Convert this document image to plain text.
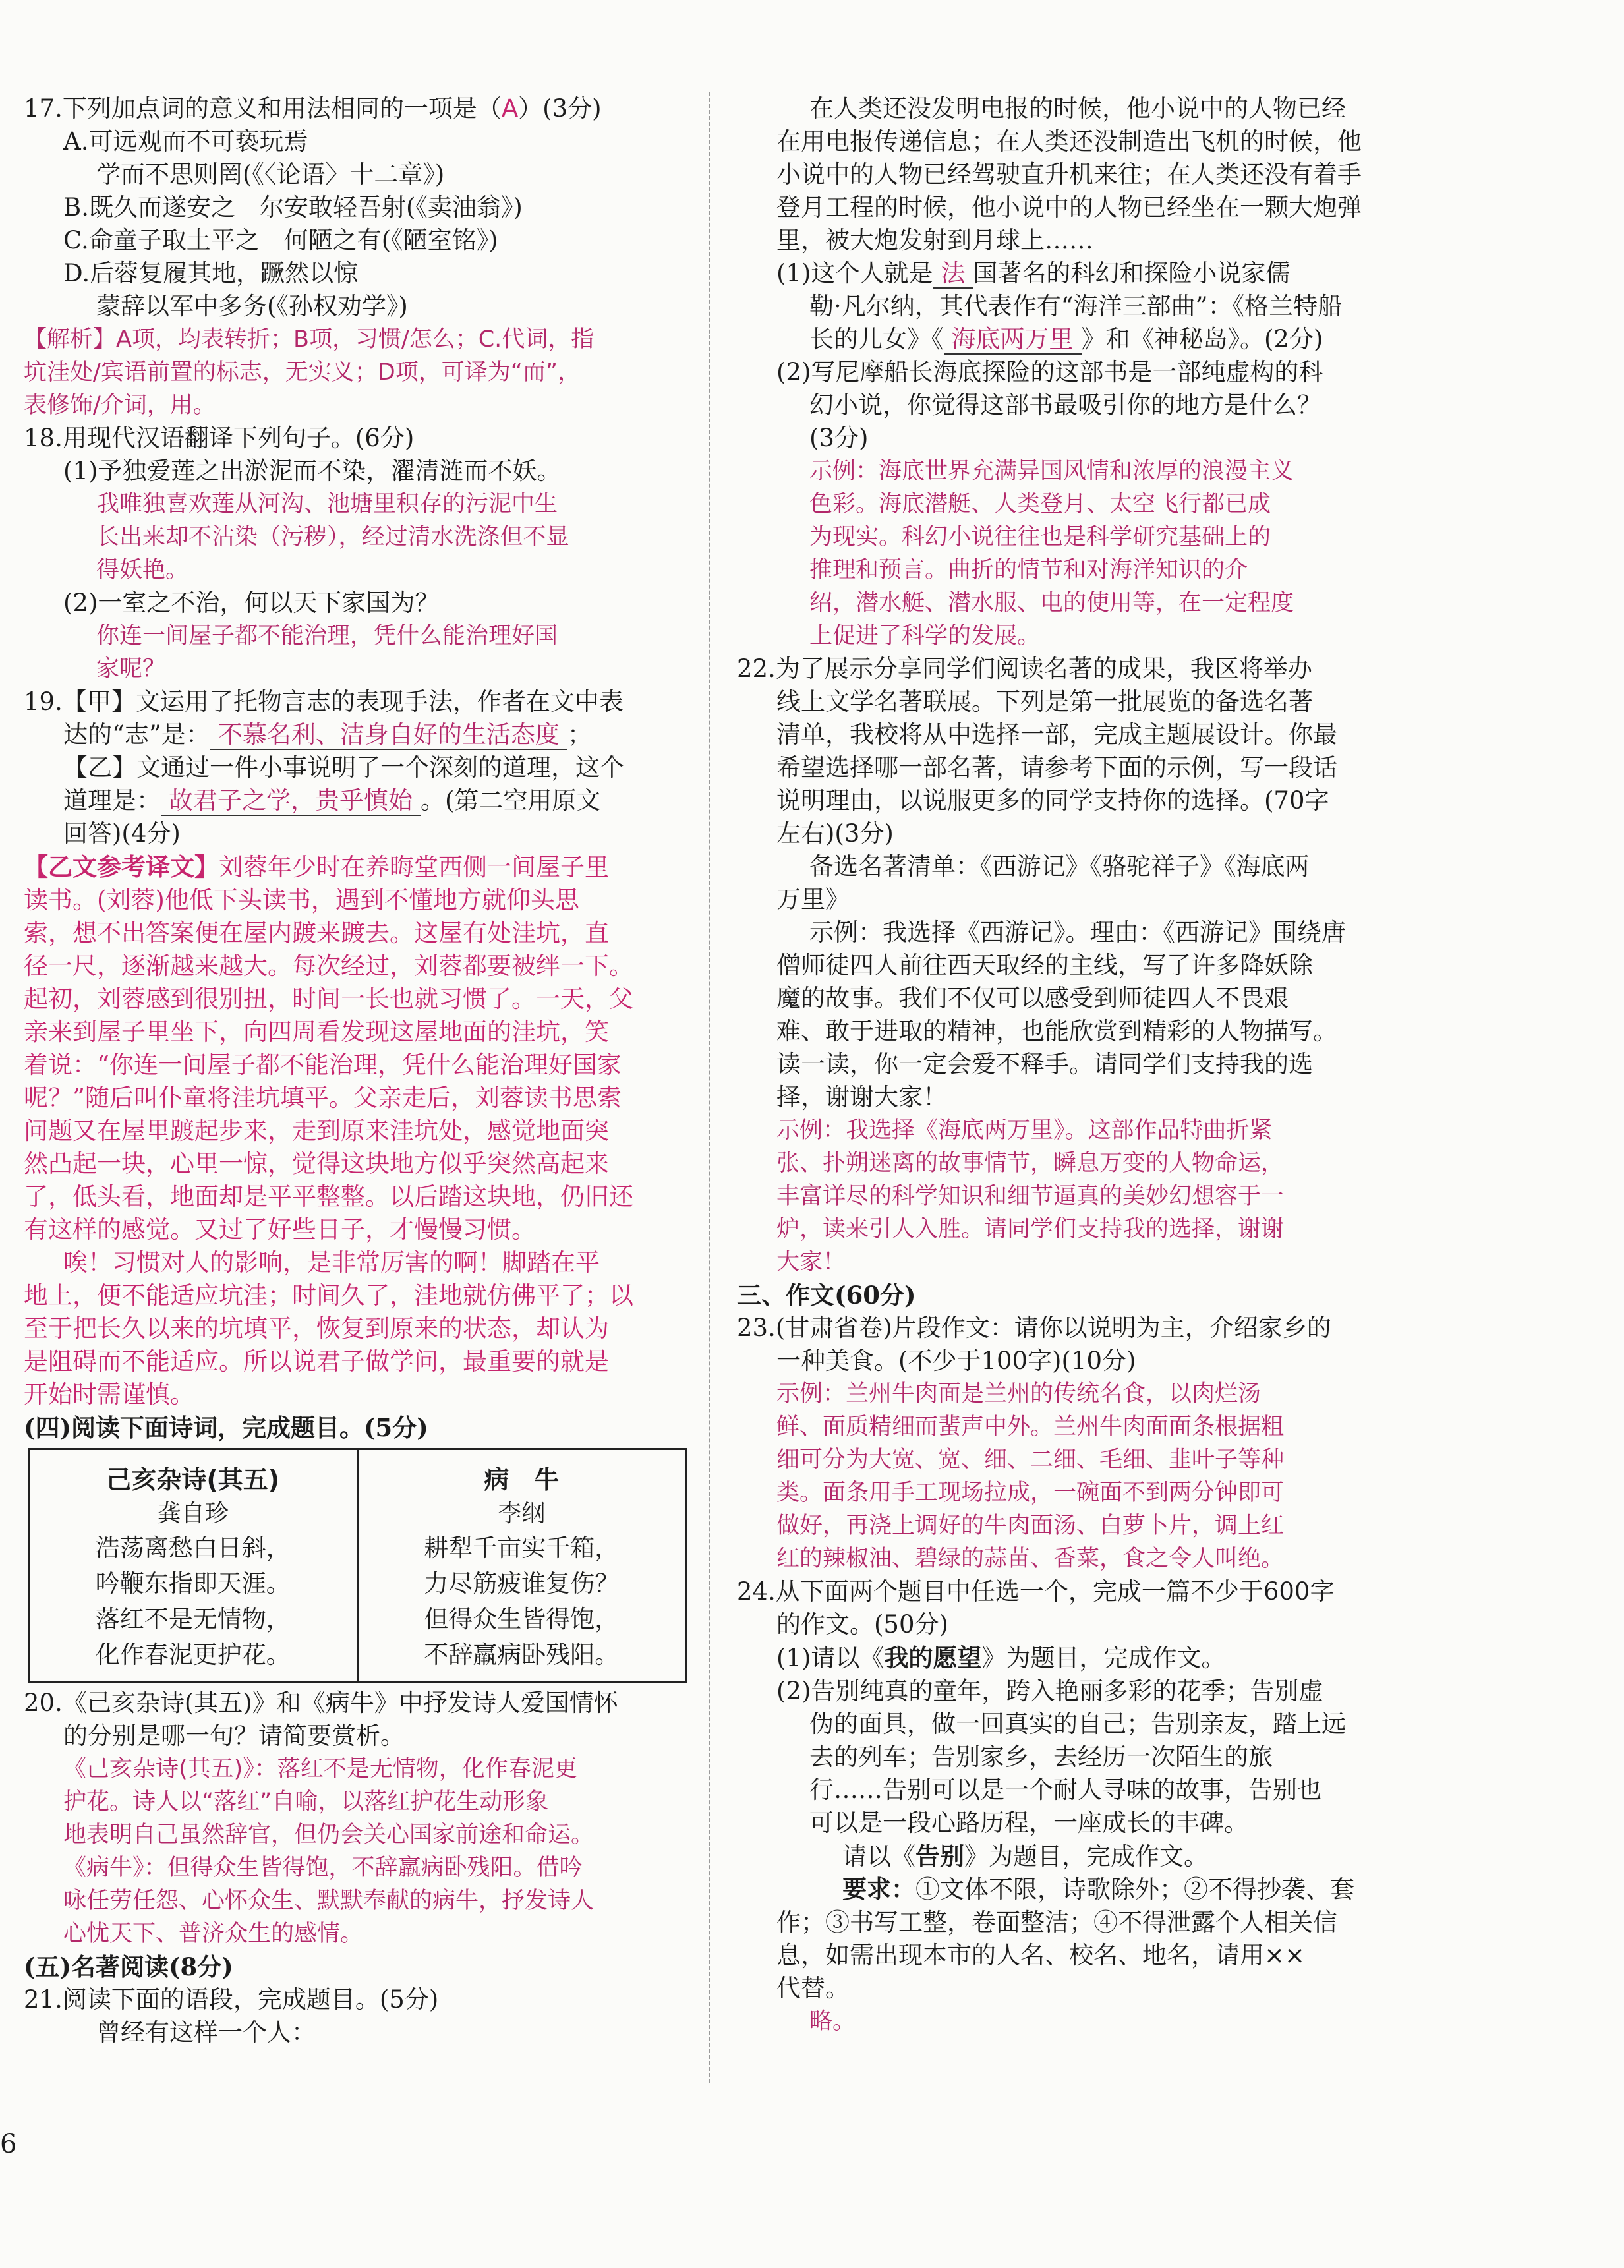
17.下列加点词的意义和用法相同的一项是（A）(3分)
A.可远观而不可亵玩焉
学而不思则罔(《〈论语〉十二章》)
B.既久而遂安之　尔安敢轻吾射(《卖油翁》)
C.命童子取土平之　何陋之有(《陋室铭》)
D.后蓉复履其地，蹶然以惊
蒙辞以军中多务(《孙权劝学》)
【解析】A项，均表转折；B项，习惯/怎么；C.代词，指
坑洼处/宾语前置的标志，无实义；D项，可译为“而”，
表修饰/介词，用。
18.用现代汉语翻译下列句子。(6分)
(1)予独爱莲之出淤泥而不染，濯清涟而不妖。
我唯独喜欢莲从河沟、池塘里积存的污泥中生
长出来却不沾染（污秽），经过清水洗涤但不显
得妖艳。
(2)一室之不治，何以天下家国为？
你连一间屋子都不能治理，凭什么能治理好国
家呢？
19.【甲】文运用了托物言志的表现手法，作者在文中表
达的“志”是： 不慕名利、洁身自好的生活态度 ；
【乙】文通过一件小事说明了一个深刻的道理，这个
道理是： 故君子之学，贵乎慎始 。(第二空用原文
回答)(4分)
【乙文参考译文】刘蓉年少时在养晦堂西侧一间屋子里
读书。(刘蓉)他低下头读书，遇到不懂地方就仰头思
索，想不出答案便在屋内踱来踱去。这屋有处洼坑，直
径一尺，逐渐越来越大。每次经过，刘蓉都要被绊一下。
起初，刘蓉感到很别扭，时间一长也就习惯了。一天，父
亲来到屋子里坐下，向四周看发现这屋地面的洼坑，笑
着说：“你连一间屋子都不能治理，凭什么能治理好国家
呢？”随后叫仆童将洼坑填平。父亲走后，刘蓉读书思索
问题又在屋里踱起步来，走到原来洼坑处，感觉地面突
然凸起一块，心里一惊，觉得这块地方似乎突然高起来
了，低头看，地面却是平平整整。以后踏这块地，仍旧还
有这样的感觉。又过了好些日子，才慢慢习惯。
唉！习惯对人的影响，是非常厉害的啊！脚踏在平
地上，便不能适应坑洼；时间久了，洼地就仿佛平了；以
至于把长久以来的坑填平，恢复到原来的状态，却认为
是阻碍而不能适应。所以说君子做学问，最重要的就是
开始时需谨慎。
(四)阅读下面诗词，完成题目。(5分)
己亥杂诗(其五)
龚自珍
浩荡离愁白日斜，
吟鞭东指即天涯。
落红不是无情物，
化作春泥更护花。

病　牛
李纲
耕犁千亩实千箱，
力尽筋疲谁复伤？
但得众生皆得饱，
不辞羸病卧残阳。
20.《己亥杂诗(其五)》和《病牛》中抒发诗人爱国情怀
的分别是哪一句？请简要赏析。
《己亥杂诗(其五)》：落红不是无情物，化作春泥更
护花。诗人以“落红”自喻，以落红护花生动形象
地表明自己虽然辞官，但仍会关心国家前途和命运。
《病牛》：但得众生皆得饱，不辞羸病卧残阳。借吟
咏任劳任怨、心怀众生、默默奉献的病牛，抒发诗人
心忧天下、普济众生的感情。
(五)名著阅读(8分)
21.阅读下面的语段，完成题目。(5分)
曾经有这样一个人：
在人类还没发明电报的时候，他小说中的人物已经
在用电报传递信息；在人类还没制造出飞机的时候，他
小说中的人物已经驾驶直升机来往；在人类还没有着手
登月工程的时候，他小说中的人物已经坐在一颗大炮弹
里，被大炮发射到月球上……
(1)这个人就是 法 国著名的科幻和探险小说家儒
勒·凡尔纳，其代表作有“海洋三部曲”：《格兰特船
长的儿女》《 海底两万里 》和《神秘岛》。(2分)
(2)写尼摩船长海底探险的这部书是一部纯虚构的科
幻小说，你觉得这部书最吸引你的地方是什么？
(3分)
示例：海底世界充满异国风情和浓厚的浪漫主义
色彩。海底潜艇、人类登月、太空飞行都已成
为现实。科幻小说往往也是科学研究基础上的
推理和预言。曲折的情节和对海洋知识的介
绍，潜水艇、潜水服、电的使用等，在一定程度
上促进了科学的发展。
22.为了展示分享同学们阅读名著的成果，我区将举办
线上文学名著联展。下列是第一批展览的备选名著
清单，我校将从中选择一部，完成主题展设计。你最
希望选择哪一部名著，请参考下面的示例，写一段话
说明理由，以说服更多的同学支持你的选择。(70字
左右)(3分)
备选名著清单：《西游记》《骆驼祥子》《海底两
万里》
示例：我选择《西游记》。理由：《西游记》围绕唐
僧师徒四人前往西天取经的主线，写了许多降妖除
魔的故事。我们不仅可以感受到师徒四人不畏艰
难、敢于进取的精神，也能欣赏到精彩的人物描写。
读一读，你一定会爱不释手。请同学们支持我的选
择，谢谢大家！
示例：我选择《海底两万里》。这部作品特曲折紧
张、扑朔迷离的故事情节，瞬息万变的人物命运，
丰富详尽的科学知识和细节逼真的美妙幻想容于一
炉，读来引人入胜。请同学们支持我的选择，谢谢
大家！
三、作文(60分)
23.(甘肃省卷)片段作文：请你以说明为主，介绍家乡的
一种美食。(不少于100字)(10分)
示例：兰州牛肉面是兰州的传统名食，以肉烂汤
鲜、面质精细而蜚声中外。兰州牛肉面面条根据粗
细可分为大宽、宽、细、二细、毛细、韭叶子等种
类。面条用手工现场拉成，一碗面不到两分钟即可
做好，再浇上调好的牛肉面汤、白萝卜片，调上红
红的辣椒油、碧绿的蒜苗、香菜，食之令人叫绝。
24.从下面两个题目中任选一个，完成一篇不少于600字
的作文。(50分)
(1)请以《我的愿望》为题目，完成作文。
(2)告别纯真的童年，跨入艳丽多彩的花季；告别虚
伪的面具，做一回真实的自己；告别亲友，踏上远
去的列车；告别家乡，去经历一次陌生的旅
行……告别可以是一个耐人寻味的故事，告别也
可以是一段心路历程，一座成长的丰碑。
请以《告别》为题目，完成作文。
要求：①文体不限，诗歌除外；②不得抄袭、套
作；③书写工整，卷面整洁；④不得泄露个人相关信
息，如需出现本市的人名、校名、地名，请用××
代替。
略。
6
